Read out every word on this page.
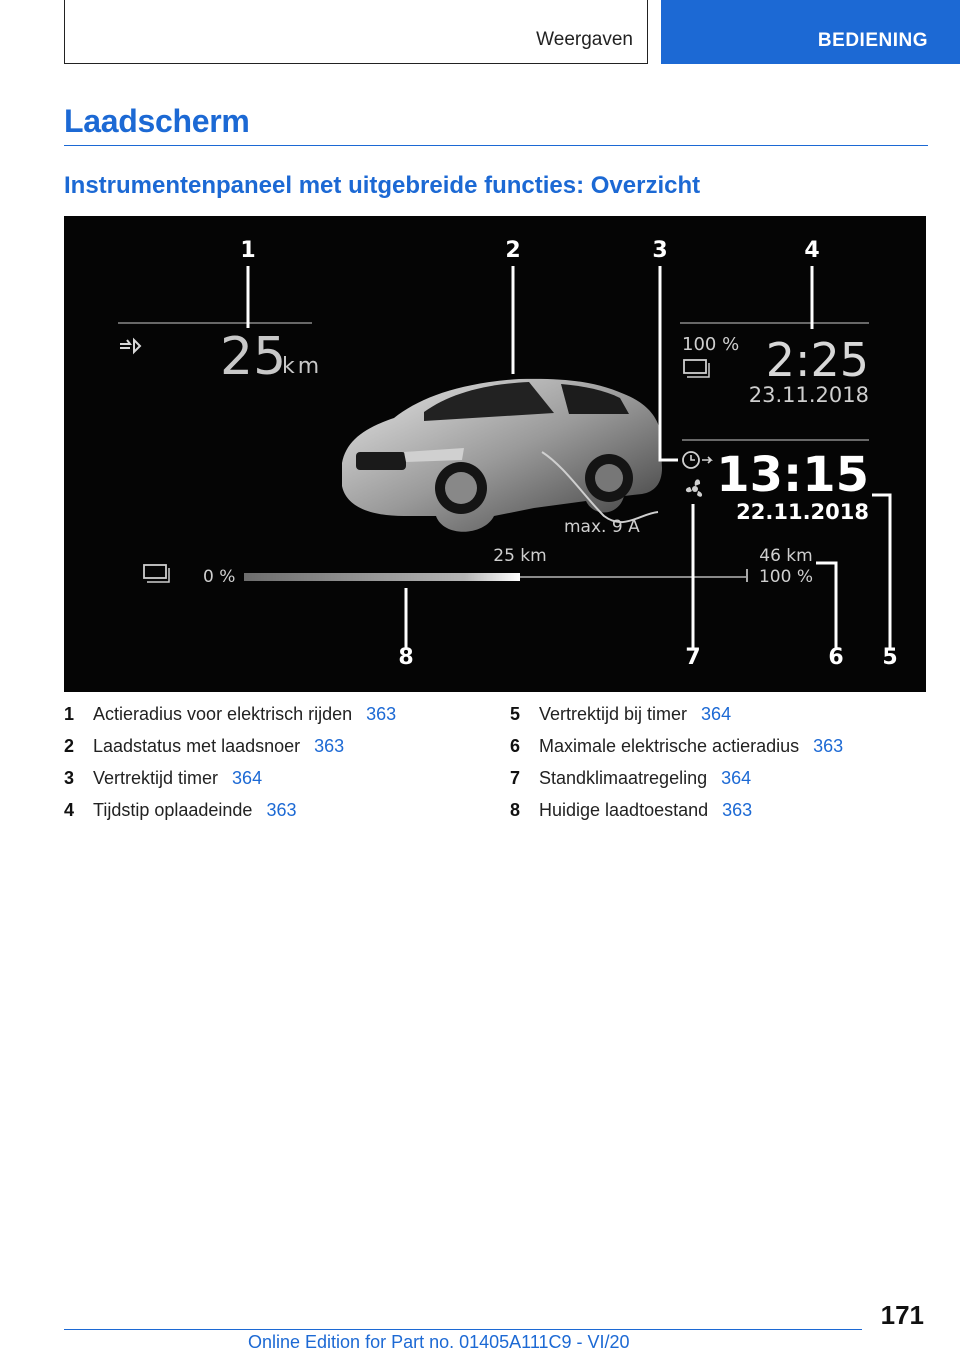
Weergaven	BEDIENING
Laadscherm
Instrumentenpaneel met uitgebreide functies: Overzicht
25
km
1	2
max. 9 A
100 % 2:25
23.11.2018
3	4
13:15
22.11.2018
5
0 %
25 km	46 km
100 %
6
7
8
1	Actieradius voor elektrisch rijden 363
2	Laadstatus met laadsnoer 363
3	Vertrektijd timer 364
4	Tijdstip oplaadeinde 363
5	Vertrektijd bij timer 364
6	Maximale elektrische actieradius 363
7	Standklimaatregeling 364
8	Huidige laadtoestand 363
171
Online Edition for Part no. 01405A111C9 - VI/20
